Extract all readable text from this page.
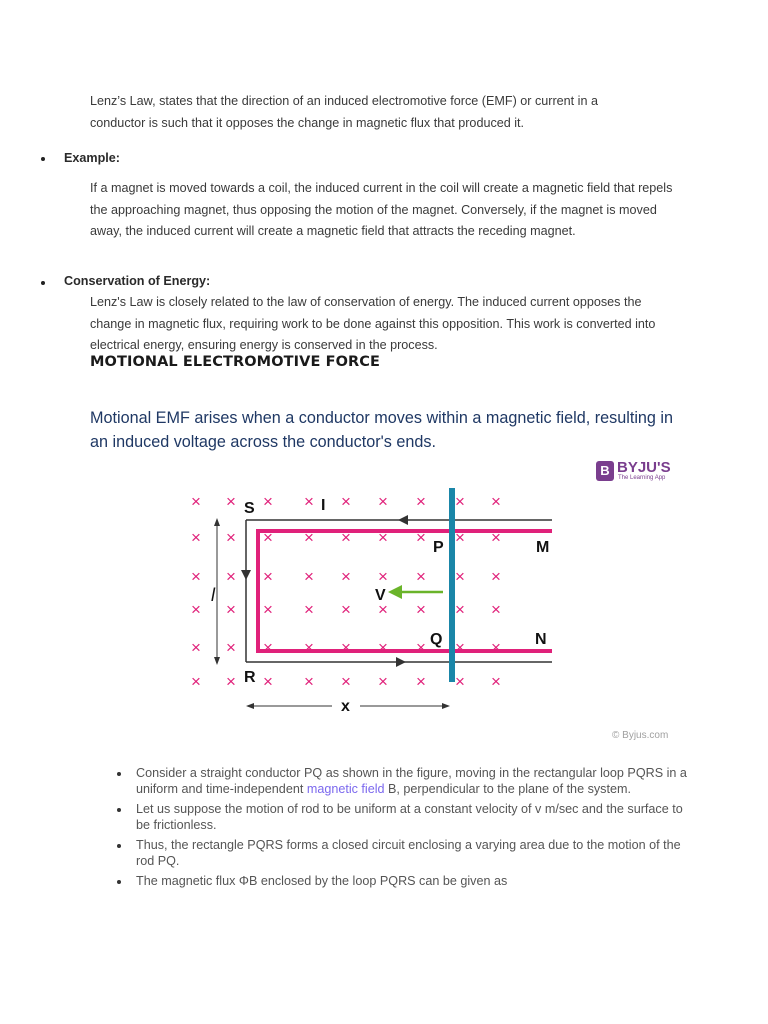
Lenz’s Law, states that the direction of an induced electromotive force (EMF) or current in a conductor is such that it opposes the change in magnetic flux that produced it.

Example:

If a magnet is moved towards a coil, the induced current in the coil will create a magnetic field that repels the approaching magnet, thus opposing the motion of the magnet. Conversely, if the magnet is moved away, the induced current will create a magnetic field that attracts the receding magnet.

Conservation of Energy:

Lenz's Law is closely related to the law of conservation of energy. The induced current opposes the change in magnetic flux, requiring work to be done against this opposition. This work is converted into electrical energy, ensuring energy is conserved in the process.

MOTIONAL ELECTROMOTIVE FORCE

Motional EMF arises when a conductor moves within a magnetic field, resulting in an induced voltage across the conductor's ends.

B BYJU'S
The Learning App
× × × × × × × × ×
× × × × × × × × ×
× × × × × × × × ×
× × × × × × × × ×
× × × × × × × × ×
× × × × × × × × ×
S	I
P	M
l	V
Q	N
R
x
© Byjus.com
Consider a straight conductor PQ as shown in the figure, moving in the rectangular loop PQRS in a uniform and time-independent magnetic field B, perpendicular to the plane of the system.
Let us suppose the motion of rod to be uniform at a constant velocity of v m/sec and the surface to be frictionless.
Thus, the rectangle PQRS forms a closed circuit enclosing a varying area due to the motion of the rod PQ.
The magnetic flux ΦB enclosed by the loop PQRS can be given as
